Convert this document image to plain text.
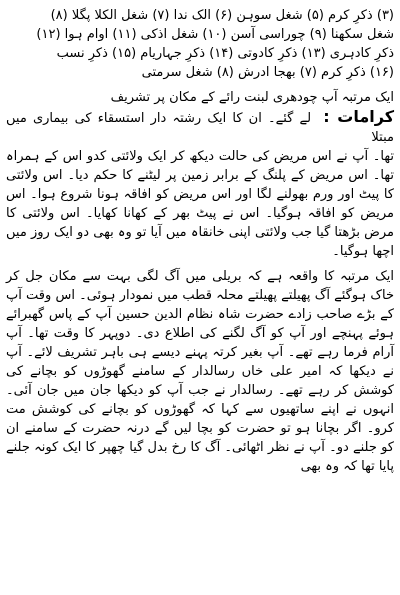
(۳) ذکرِ کرم (۵) شغل سوہن (۶) الک ندا (۷) شغل الکلا پگلا (۸)

شغل سکھنا (۹) چوراسی آسن (۱۰) شغل اذکی (۱۱) اوام ہوا (۱۲)

ذکرِ کادہری (۱۳) ذکرِ کادوتی (۱۴) ذکرِ جہاریام (۱۵) ذکرِ نسب

(۱۶) ذکرِ کرم (۷) بھجا ادرش (۸) شغل سرمتی

ایک مرتبہ آپ چودھری لبنت رائے کے مکان پر تشریف

کرامات : لے گئے۔ ان کا ایک رشتہ دار استسقاء کی بیماری میں مبتلا

تھا۔ آپ نے اس مریض کی حالت دیکھ کر ایک ولائتی کدو اس کے ہمراہ تھا۔ اس مریض کے پلنگ کے برابر زمین پر لیٹنے کا حکم دیا۔ اس ولائتی کا پیٹ اور ورم بھولنے لگا اور اس مریض کو افاقہ ہونا شروع ہوا۔ اس مریض کو افاقہ ہوگیا۔ اس نے پیٹ بھر کے کھانا کھایا۔ اس ولائتی کا مرض بڑھتا گیا جب ولائتی اپنی خانقاہ میں آیا تو وہ بھی دو ایک روز میں اچھا ہوگیا۔

ایک مرتبہ کا واقعہ ہے کہ بریلی میں آگ لگی بہت سے مکان جل کر خاک ہوگئے آگ پھیلتے پھیلتے محلہ قطب میں نمودار ہوئی۔ اس وقت آپ کے بڑے صاحب زادے حضرت شاہ نظام الدین حسین آپ کے پاس گھبرائے ہوئے پہنچے اور آپ کو آگ لگنے کی اطلاع دی۔ دوپہر کا وقت تھا۔ آپ آرام فرما رہے تھے۔ آپ بغیر کرتہ پہنے دیسے ہی باہر تشریف لائے۔ آپ نے دیکھا کہ امیر علی خاں رسالدار کے سامنے گھوڑوں کو بچانے کی کوشش کر رہے تھے۔ رسالدار نے جب آپ کو دیکھا جان میں جان آئی۔ انہوں نے اپنے ساتھیوں سے کہا کہ گھوڑوں کو بچانے کی کوشش مت کرو۔ اگر بچانا ہو تو حضرت کو بچا لیں گے درنہ حضرت کے سامنے ان کو جلنے دو۔ آپ نے نظر اٹھائی۔ آگ کا رخ بدل گیا چھپر کا ایک کونہ جلنے پایا تھا کہ وہ بھی
